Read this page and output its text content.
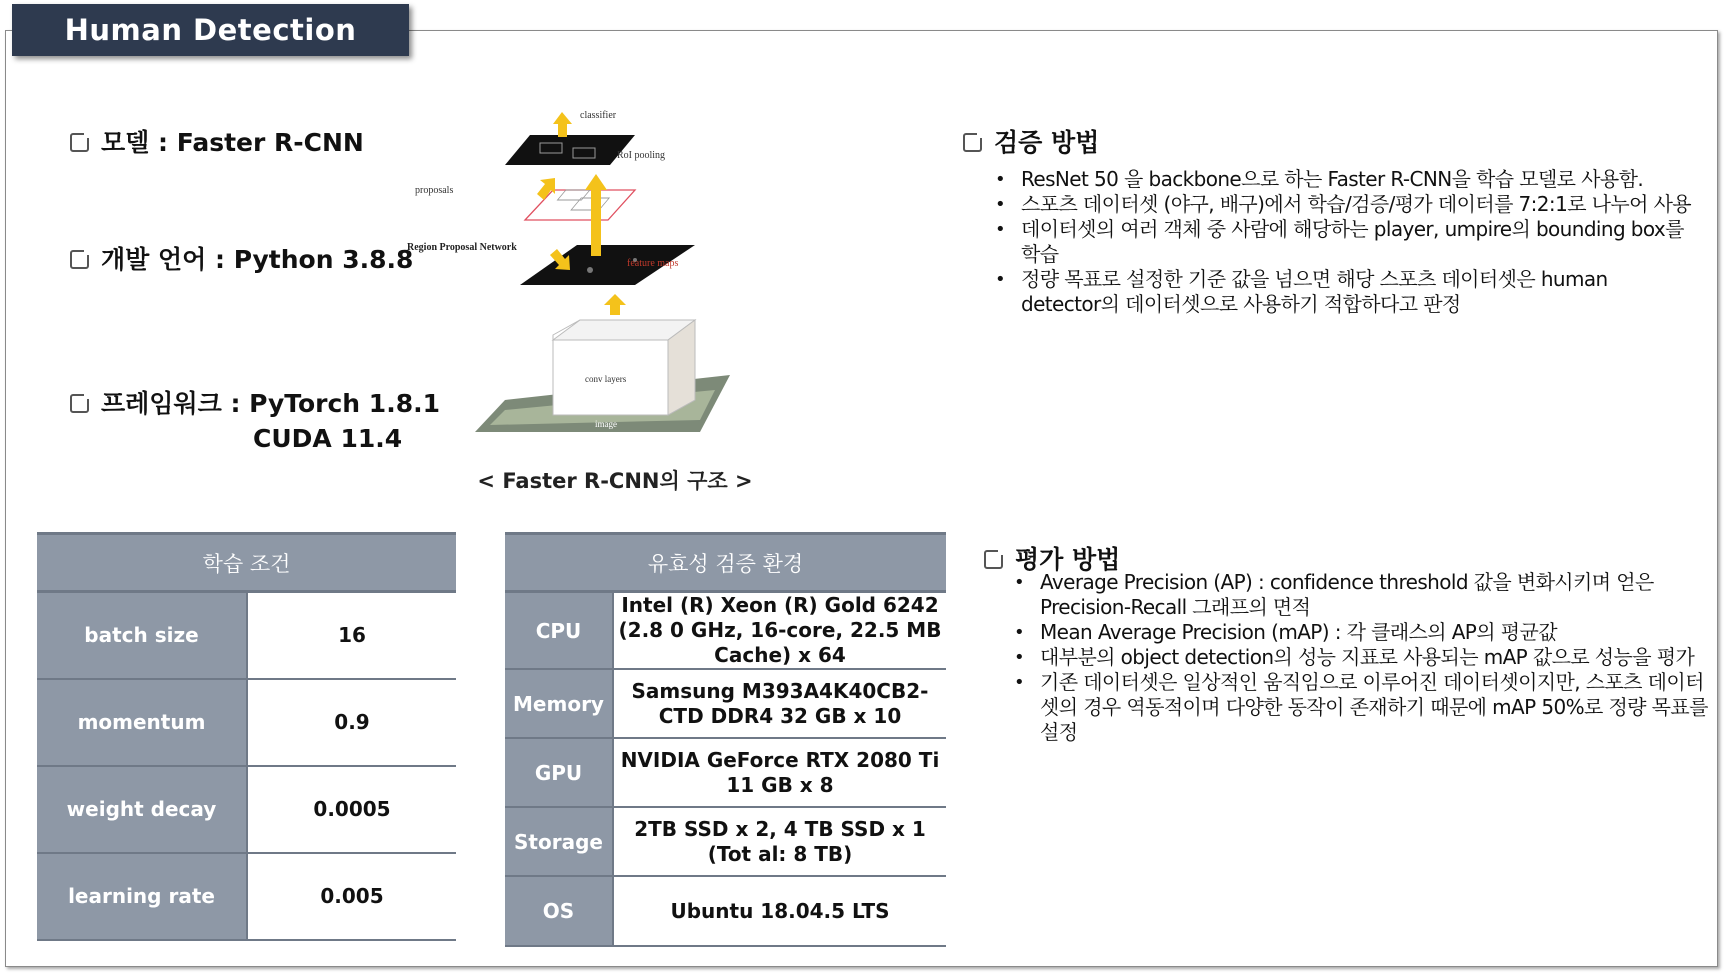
Human Detection
모델 : Faster R-CNN
개발 언어 : Python 3.8.8
프레임워크 : PyTorch 1.8.1
CUDA 11.4	image
conv layers
feature maps
proposals
Region Proposal Network
RoI pooling
classifier
< Faster R-CNN의 구조 >
검증 방법
• ResNet 50 을 backbone으로 하는 Faster R-CNN을 학습 모델로 사용함.
• 스포츠 데이터셋 (야구, 배구)에서 학습/검증/평가 데이터를 7:2:1로 나누어 사용
• 데이터셋의 여러 객체 중 사람에 해당하는 player, umpire의 bounding box를 학습
• 정량 목표로 설정한 기준 값을 넘으면 해당 스포츠 데이터셋은 human detector의 데이터셋으로 사용하기 적합하다고 판정
평가 방법
• Average Precision (AP) : confidence threshold 값을 변화시키며 얻은 Precision-Recall 그래프의 면적
• Mean Average Precision (mAP) : 각 클래스의 AP의 평균값
• 대부분의 object detection의 성능 지표로 사용되는 mAP 값으로 성능을 평가
• 기존 데이터셋은 일상적인 움직임으로 이루어진 데이터셋이지만, 스포츠 데이터셋의 경우 역동적이며 다양한 동작이 존재하기 때문에 mAP 50%로 정량 목표를 설정
학습 조건	
batch size	16
momentum	0.9
weight decay	0.0005
learning rate	0.005
유효성 검증 환경	
CPU	Intel (R) Xeon (R) Gold 6242 (2.8 0 GHz, 16-core, 22.5 MB Cache) x 64
Memory	Samsung M393A4K40CB2-CTD DDR4 32 GB x 10
GPU	NVIDIA GeForce RTX 2080 Ti 11 GB x 8
Storage	2TB SSD x 2, 4 TB SSD x 1 (Tot al: 8 TB)
OS	Ubuntu 18.04.5 LTS
